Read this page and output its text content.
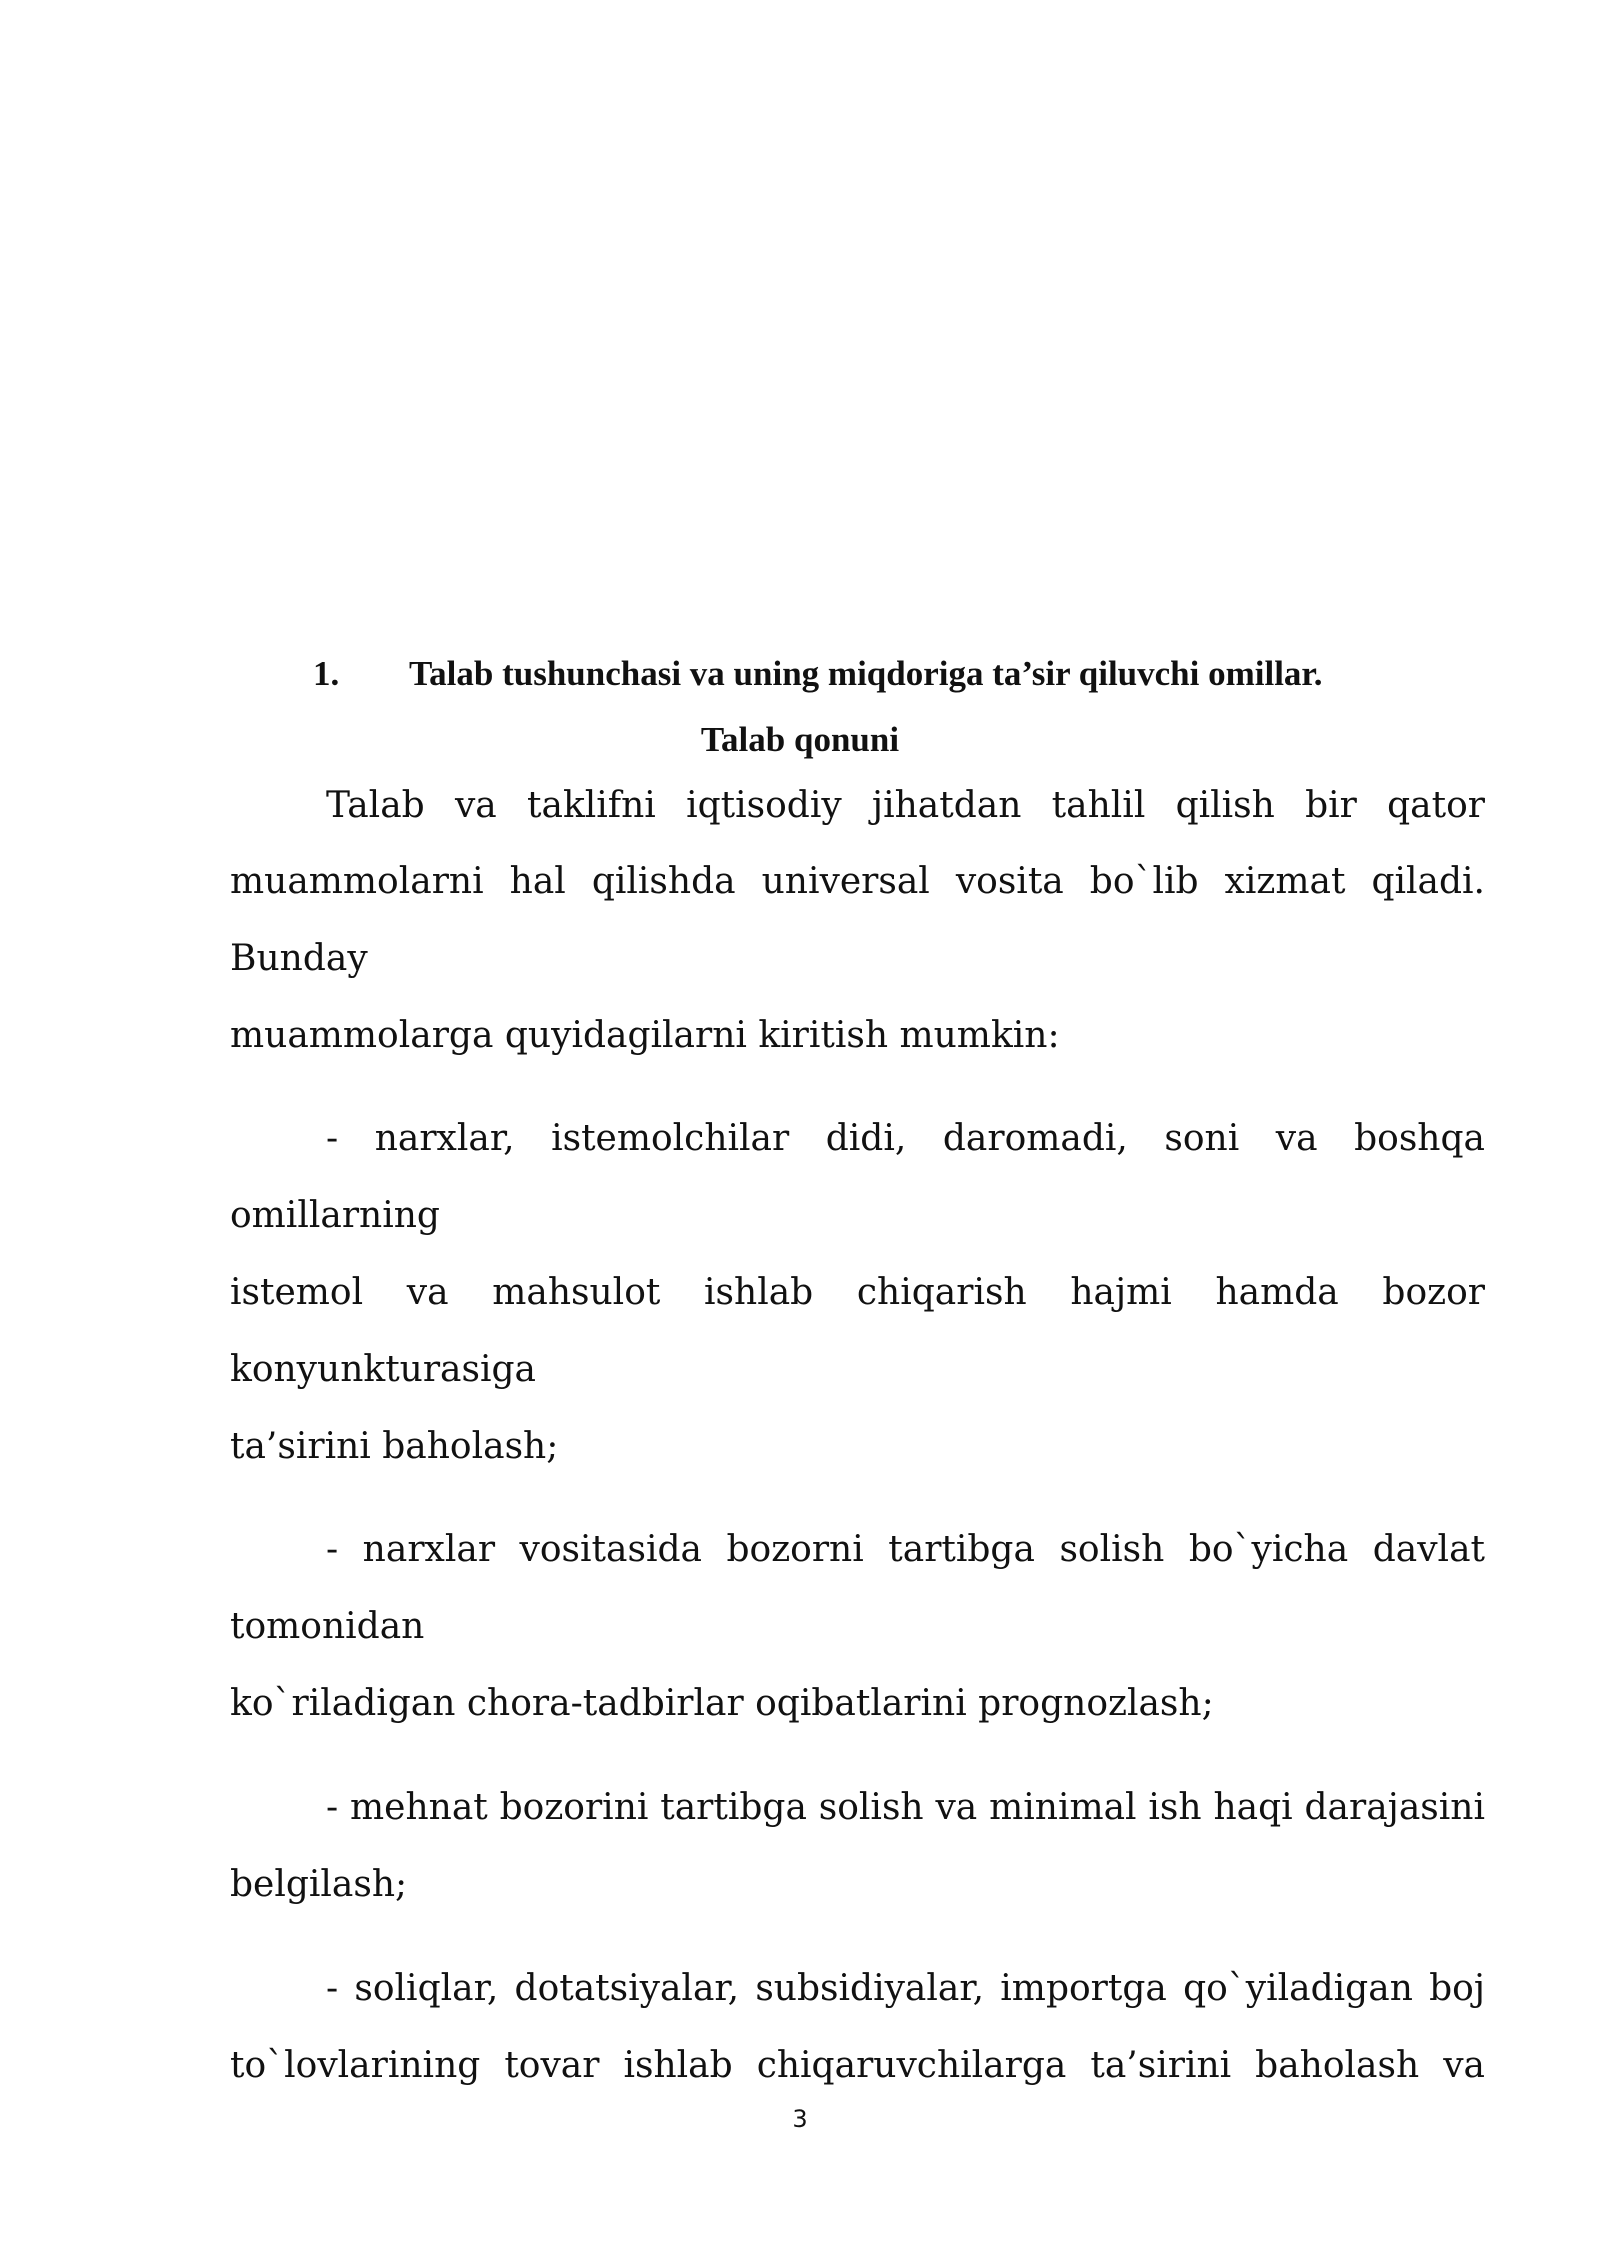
1. Talab tushunchasi va uning miqdoriga ta’sir qiluvchi omillar.
Talab qonuni
Talab va taklifni iqtisodiy jihatdan tahlil qilish bir qator
muammolarni hal qilishda universal vosita bo`lib xizmat qiladi.
Bunday
muammolarga quyidagilarni kiritish mumkin:
- narxlar, istemolchilar didi, daromadi, soni va boshqa
omillarning
istemol va mahsulot ishlab chiqarish hajmi hamda bozor
konyunkturasiga
ta’sirini baholash;
- narxlar vositasida bozorni tartibga solish bo`yicha davlat
tomonidan
ko`riladigan chora-tadbirlar oqibatlarini prognozlash;
- mehnat bozorini tartibga solish va minimal ish haqi darajasini
belgilash;
- soliqlar, dotatsiyalar, subsidiyalar, importga qo`yiladigan boj
to`lovlarining tovar ishlab chiqaruvchilarga ta’sirini baholash va
3
